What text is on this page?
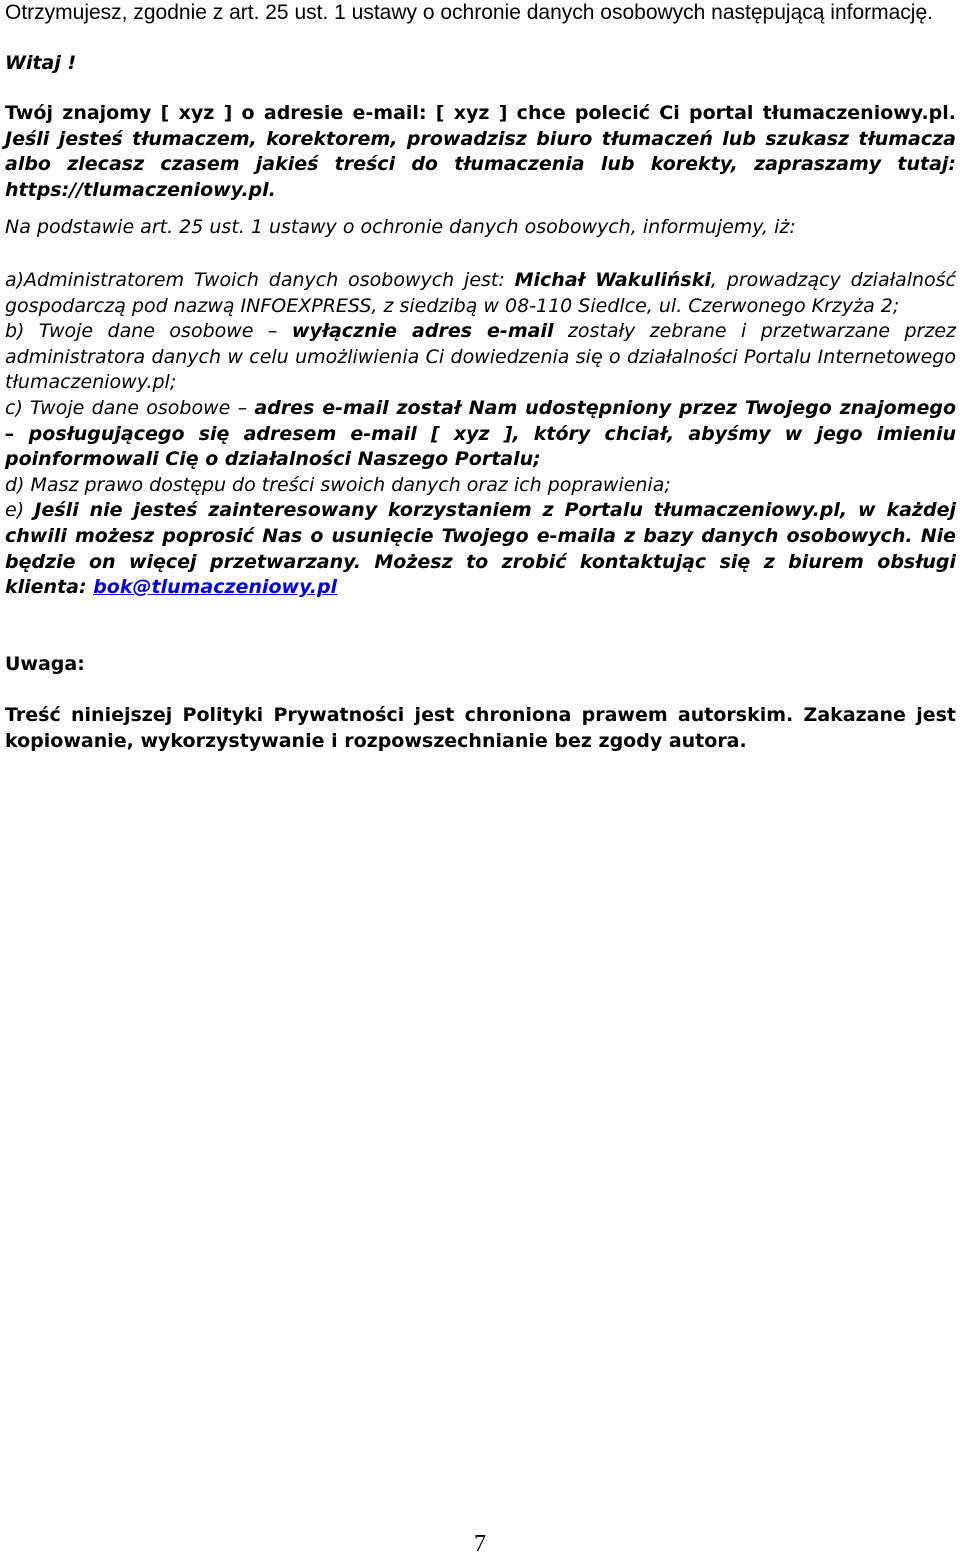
Otrzymujesz, zgodnie z art. 25 ust. 1 ustawy o ochronie danych osobowych następującą informację.

Witaj !

Twój znajomy [ xyz ] o adresie e-mail: [ xyz ] chce polecić Ci portal tłumaczeniowy.pl. Jeśli jesteś tłumaczem, korektorem, prowadzisz biuro tłumaczeń lub szukasz tłumacza albo zlecasz czasem jakieś treści do tłumaczenia lub korekty, zapraszamy tutaj: https://tlumaczeniowy.pl.

Na podstawie art. 25 ust. 1 ustawy o ochronie danych osobowych, informujemy, iż:

a)Administratorem Twoich danych osobowych jest: Michał Wakuliński, prowadzący działalność gospodarczą pod nazwą INFOEXPRESS, z siedzibą w 08-110 Siedlce, ul. Czerwonego Krzyża 2;

b) Twoje dane osobowe – wyłącznie adres e-mail zostały zebrane i przetwarzane przez administratora danych w celu umożliwienia Ci dowiedzenia się o działalności Portalu Internetowego tłumaczeniowy.pl;

c) Twoje dane osobowe – adres e-mail został Nam udostępniony przez Twojego znajomego – posługującego się adresem e-mail [ xyz ], który chciał, abyśmy w jego imieniu poinformowali Cię o działalności Naszego Portalu;

d) Masz prawo dostępu do treści swoich danych oraz ich poprawienia;

e) Jeśli nie jesteś zainteresowany korzystaniem z Portalu tłumaczeniowy.pl, w każdej chwili możesz poprosić Nas o usunięcie Twojego e-maila z bazy danych osobowych. Nie będzie on więcej przetwarzany. Możesz to zrobić kontaktując się z biurem obsługi klienta: bok@tlumaczeniowy.pl

Uwaga:

Treść niniejszej Polityki Prywatności jest chroniona prawem autorskim. Zakazane jest kopiowanie, wykorzystywanie i rozpowszechnianie bez zgody autora.

7
